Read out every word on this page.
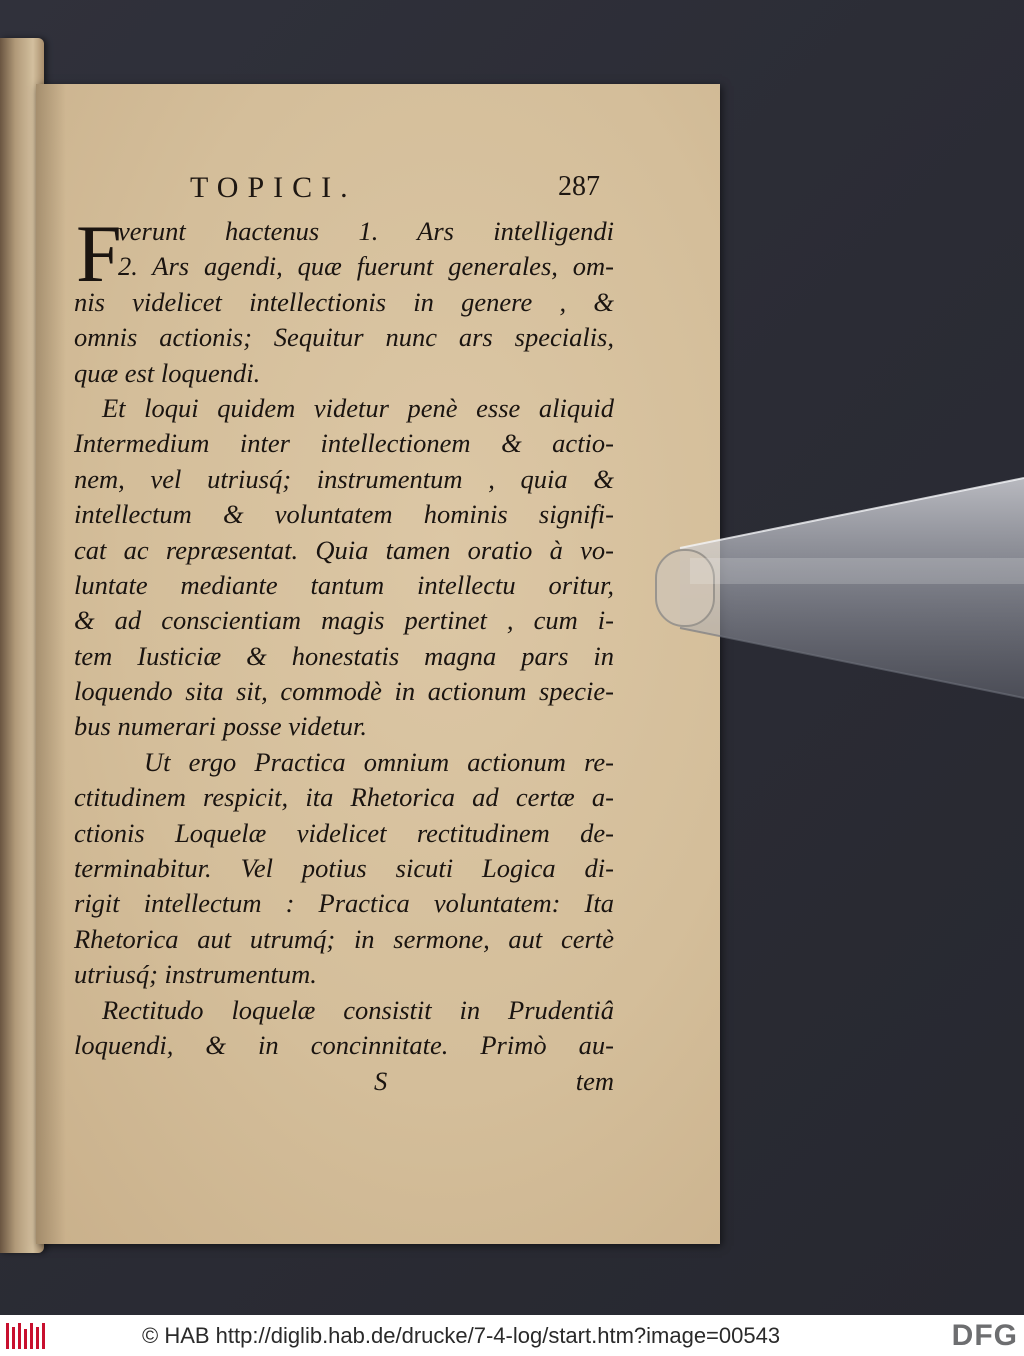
TOPICI.	287
F
verunt hactenus 1. Ars intelligendi
2. Ars agendi, quæ fuerunt generales, om-
nis videlicet intellectionis in genere , &
omnis actionis; Sequitur nunc ars specialis,
quæ est loquendi.
Et loqui quidem videtur penè esse aliquid
Intermedium inter intellectionem & actio-
nem, vel utriusq́; instrumentum , quia &
intellectum & voluntatem hominis signifi-
cat ac repræsentat. Quia tamen oratio à vo-
luntate mediante tantum intellectu oritur,
& ad conscientiam magis pertinet , cum i-
tem Iusticiæ & honestatis magna pars in
loquendo sita sit, commodè in actionum specie-
bus numerari posse videtur.
Ut ergo Practica omnium actionum re-
ctitudinem respicit, ita Rhetorica ad certæ a-
ctionis Loquelæ videlicet rectitudinem de-
terminabitur. Vel potius sicuti Logica di-
rigit intellectum : Practica voluntatem: Ita
Rhetorica aut utrumq́; in sermone, aut certè
utriusq́; instrumentum.
Rectitudo loquelæ consistit in Prudentiâ
loquendi, & in concinnitate. Primò au-
S	tem
© HAB http://diglib.hab.de/drucke/7-4-log/start.htm?image=00543	DFG
